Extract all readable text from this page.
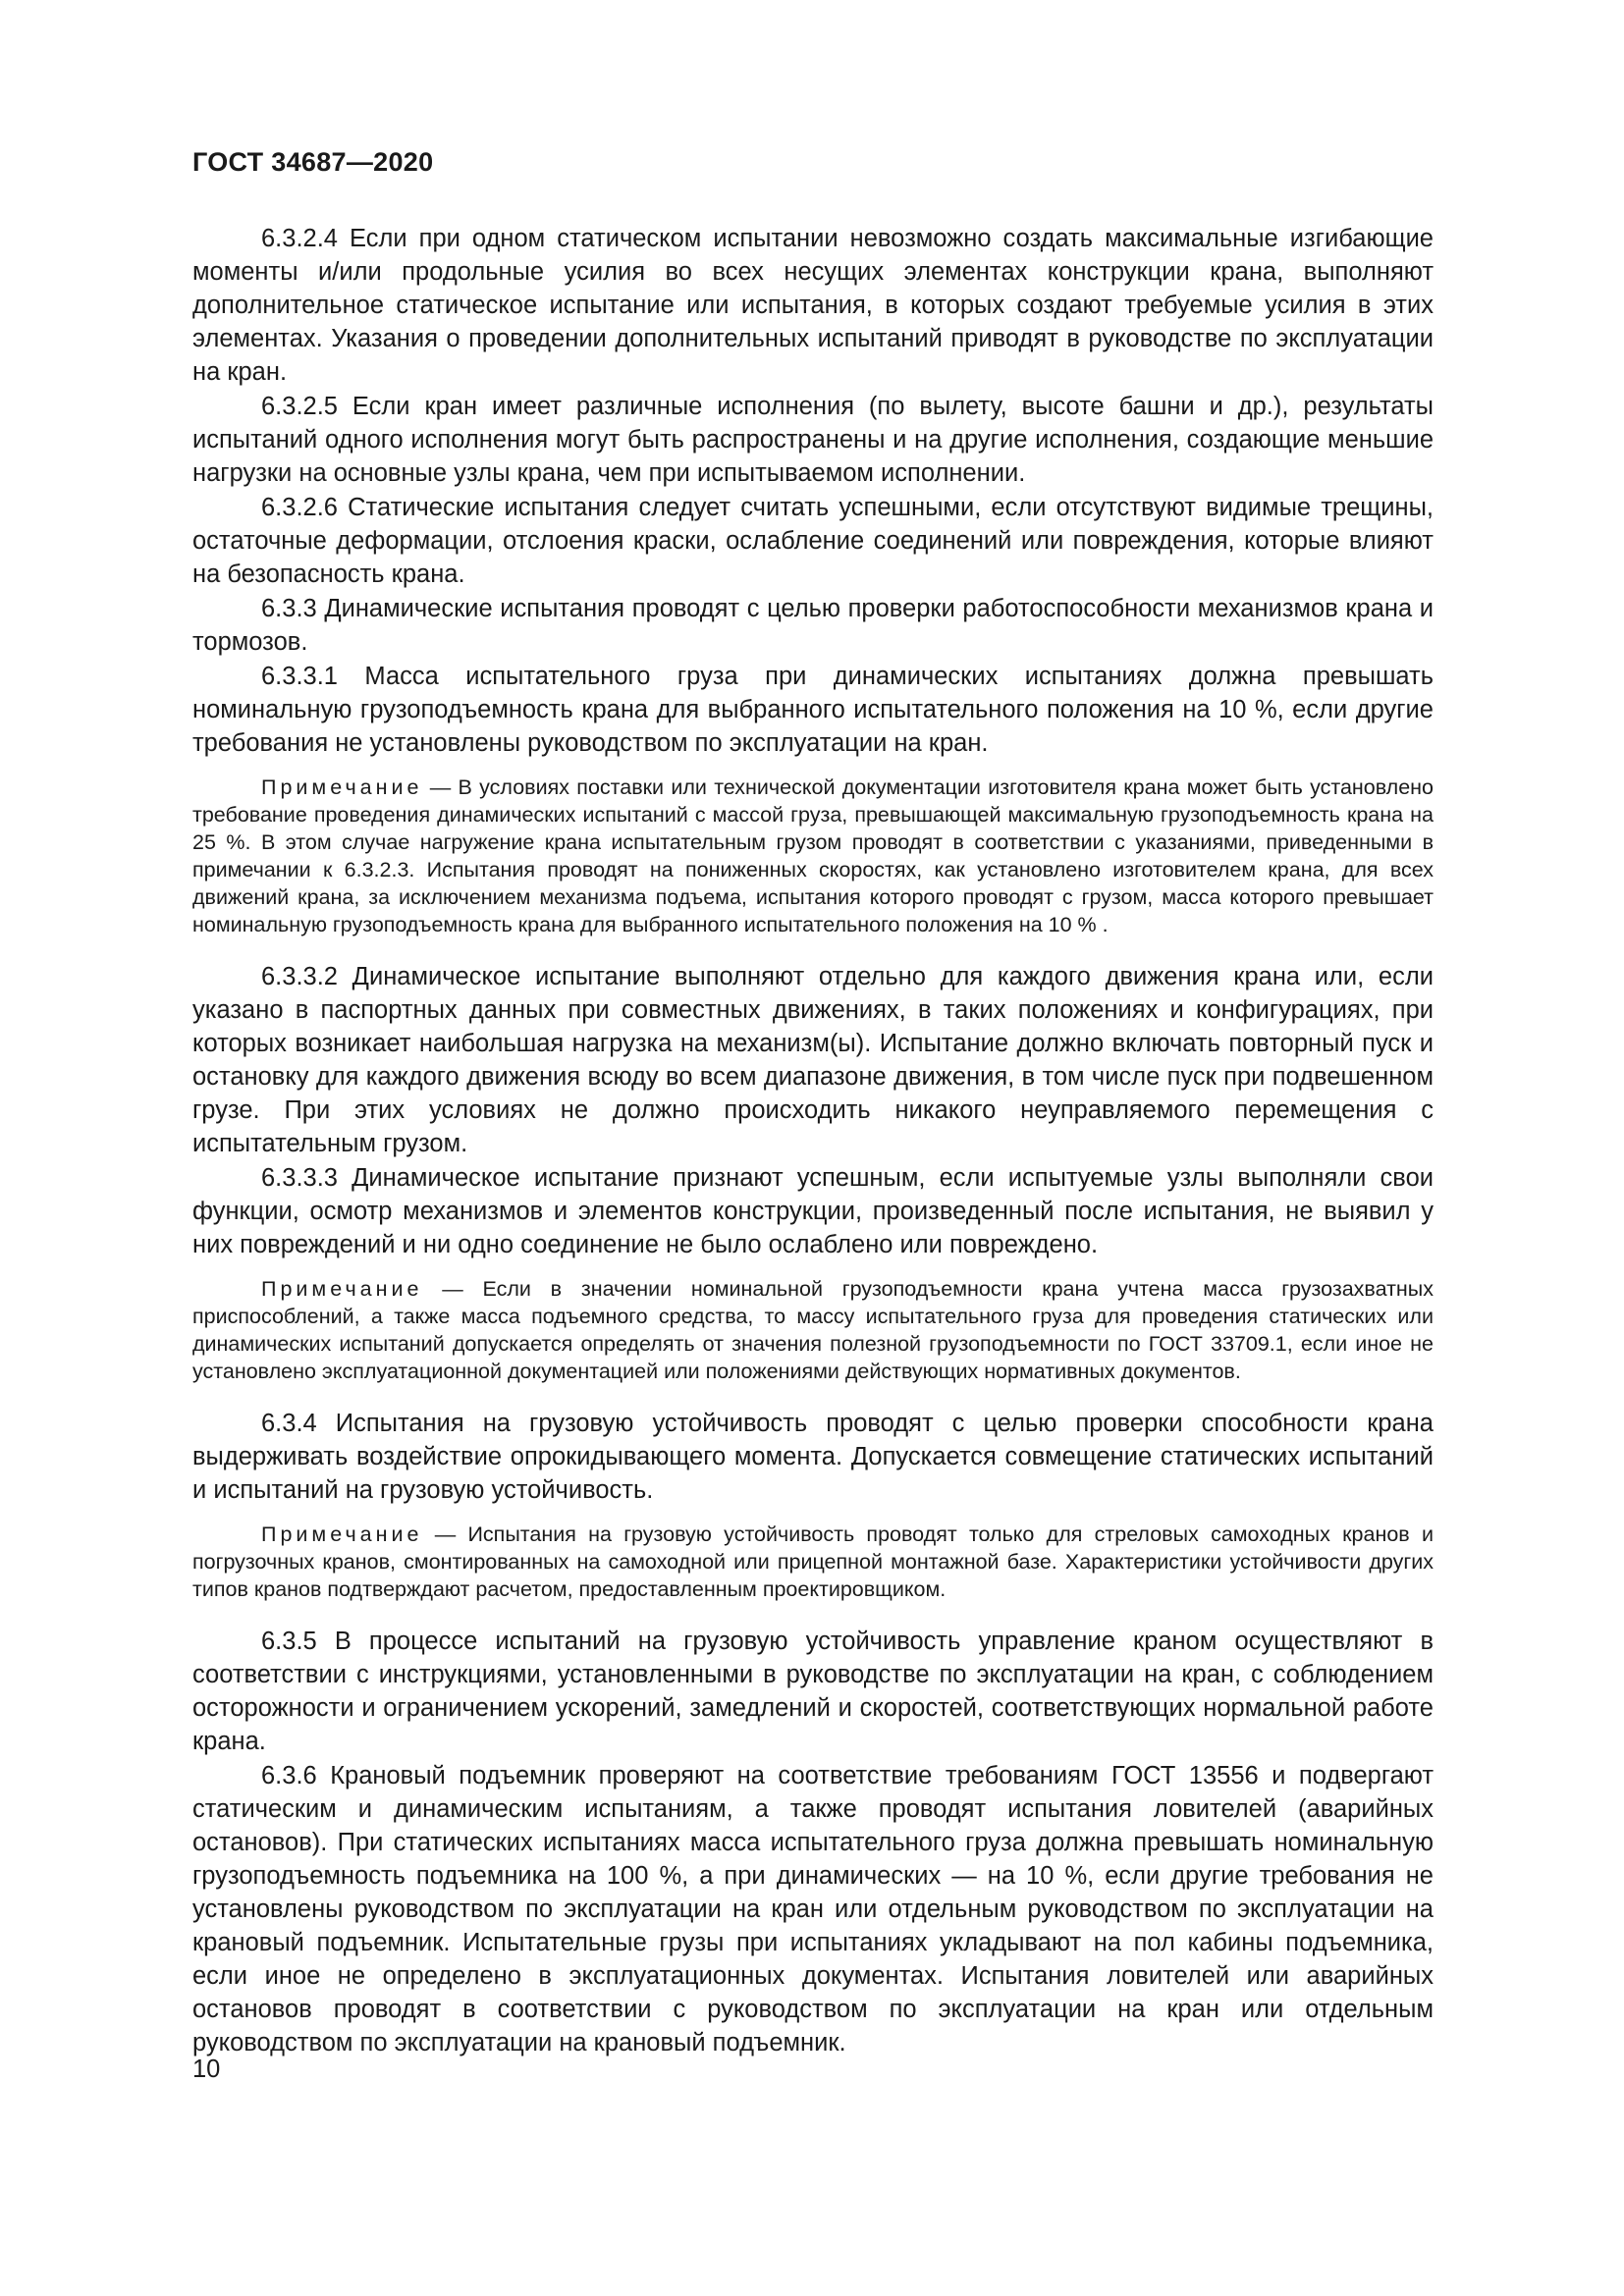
ГОСТ 34687—2020

6.3.2.4 Если при одном статическом испытании невозможно создать максимальные изгибающие моменты и/или продольные усилия во всех несущих элементах конструкции крана, выполняют дополнительное статическое испытание или испытания, в которых создают требуемые усилия в этих элементах. Указания о проведении дополнительных испытаний приводят в руководстве по эксплуатации на кран.

6.3.2.5 Если кран имеет различные исполнения (по вылету, высоте башни и др.), результаты испытаний одного исполнения могут быть распространены и на другие исполнения, создающие меньшие нагрузки на основные узлы крана, чем при испытываемом исполнении.

6.3.2.6 Статические испытания следует считать успешными, если отсутствуют видимые трещины, остаточные деформации, отслоения краски, ослабление соединений или повреждения, которые влияют на безопасность крана.

6.3.3 Динамические испытания проводят с целью проверки работоспособности механизмов крана и тормозов.

6.3.3.1 Масса испытательного груза при динамических испытаниях должна превышать номинальную грузоподъемность крана для выбранного испытательного положения на 10 %, если другие требования не установлены руководством по эксплуатации на кран.

Примечание — В условиях поставки или технической документации изготовителя крана может быть установлено требование проведения динамических испытаний с массой груза, превышающей максимальную грузоподъемность крана на 25 %. В этом случае нагружение крана испытательным грузом проводят в соответствии с указаниями, приведенными в примечании к 6.3.2.3. Испытания проводят на пониженных скоростях, как установлено изготовителем крана, для всех движений крана, за исключением механизма подъема, испытания которого проводят с грузом, масса которого превышает номинальную грузоподъемность крана для выбранного испытательного положения на 10 % .

6.3.3.2 Динамическое испытание выполняют отдельно для каждого движения крана или, если указано в паспортных данных при совместных движениях, в таких положениях и конфигурациях, при которых возникает наибольшая нагрузка на механизм(ы). Испытание должно включать повторный пуск и остановку для каждого движения всюду во всем диапазоне движения, в том числе пуск при подвешенном грузе. При этих условиях не должно происходить никакого неуправляемого перемещения с испытательным грузом.

6.3.3.3 Динамическое испытание признают успешным, если испытуемые узлы выполняли свои функции, осмотр механизмов и элементов конструкции, произведенный после испытания, не выявил у них повреждений и ни одно соединение не было ослаблено или повреждено.

Примечание — Если в значении номинальной грузоподъемности крана учтена масса грузозахватных приспособлений, а также масса подъемного средства, то массу испытательного груза для проведения статических или динамических испытаний допускается определять от значения полезной грузоподъемности по ГОСТ 33709.1, если иное не установлено эксплуатационной документацией или положениями действующих нормативных документов.

6.3.4 Испытания на грузовую устойчивость проводят с целью проверки способности крана выдерживать воздействие опрокидывающего момента. Допускается совмещение статических испытаний и испытаний на грузовую устойчивость.

Примечание — Испытания на грузовую устойчивость проводят только для стреловых самоходных кранов и погрузочных кранов, смонтированных на самоходной или прицепной монтажной базе. Характеристики устойчивости других типов кранов подтверждают расчетом, предоставленным проектировщиком.

6.3.5 В процессе испытаний на грузовую устойчивость управление краном осуществляют в соответствии с инструкциями, установленными в руководстве по эксплуатации на кран, с соблюдением осторожности и ограничением ускорений, замедлений и скоростей, соответствующих нормальной работе крана.

6.3.6 Крановый подъемник проверяют на соответствие требованиям ГОСТ 13556 и подвергают статическим и динамическим испытаниям, а также проводят испытания ловителей (аварийных остановов). При статических испытаниях масса испытательного груза должна превышать номинальную грузоподъемность подъемника на 100 %, а при динамических — на 10 %, если другие требования не установлены руководством по эксплуатации на кран или отдельным руководством по эксплуатации на крановый подъемник. Испытательные грузы при испытаниях укладывают на пол кабины подъемника, если иное не определено в эксплуатационных документах. Испытания ловителей или аварийных остановов проводят в соответствии с руководством по эксплуатации на кран или отдельным руководством по эксплуатации на крановый подъемник.

10
